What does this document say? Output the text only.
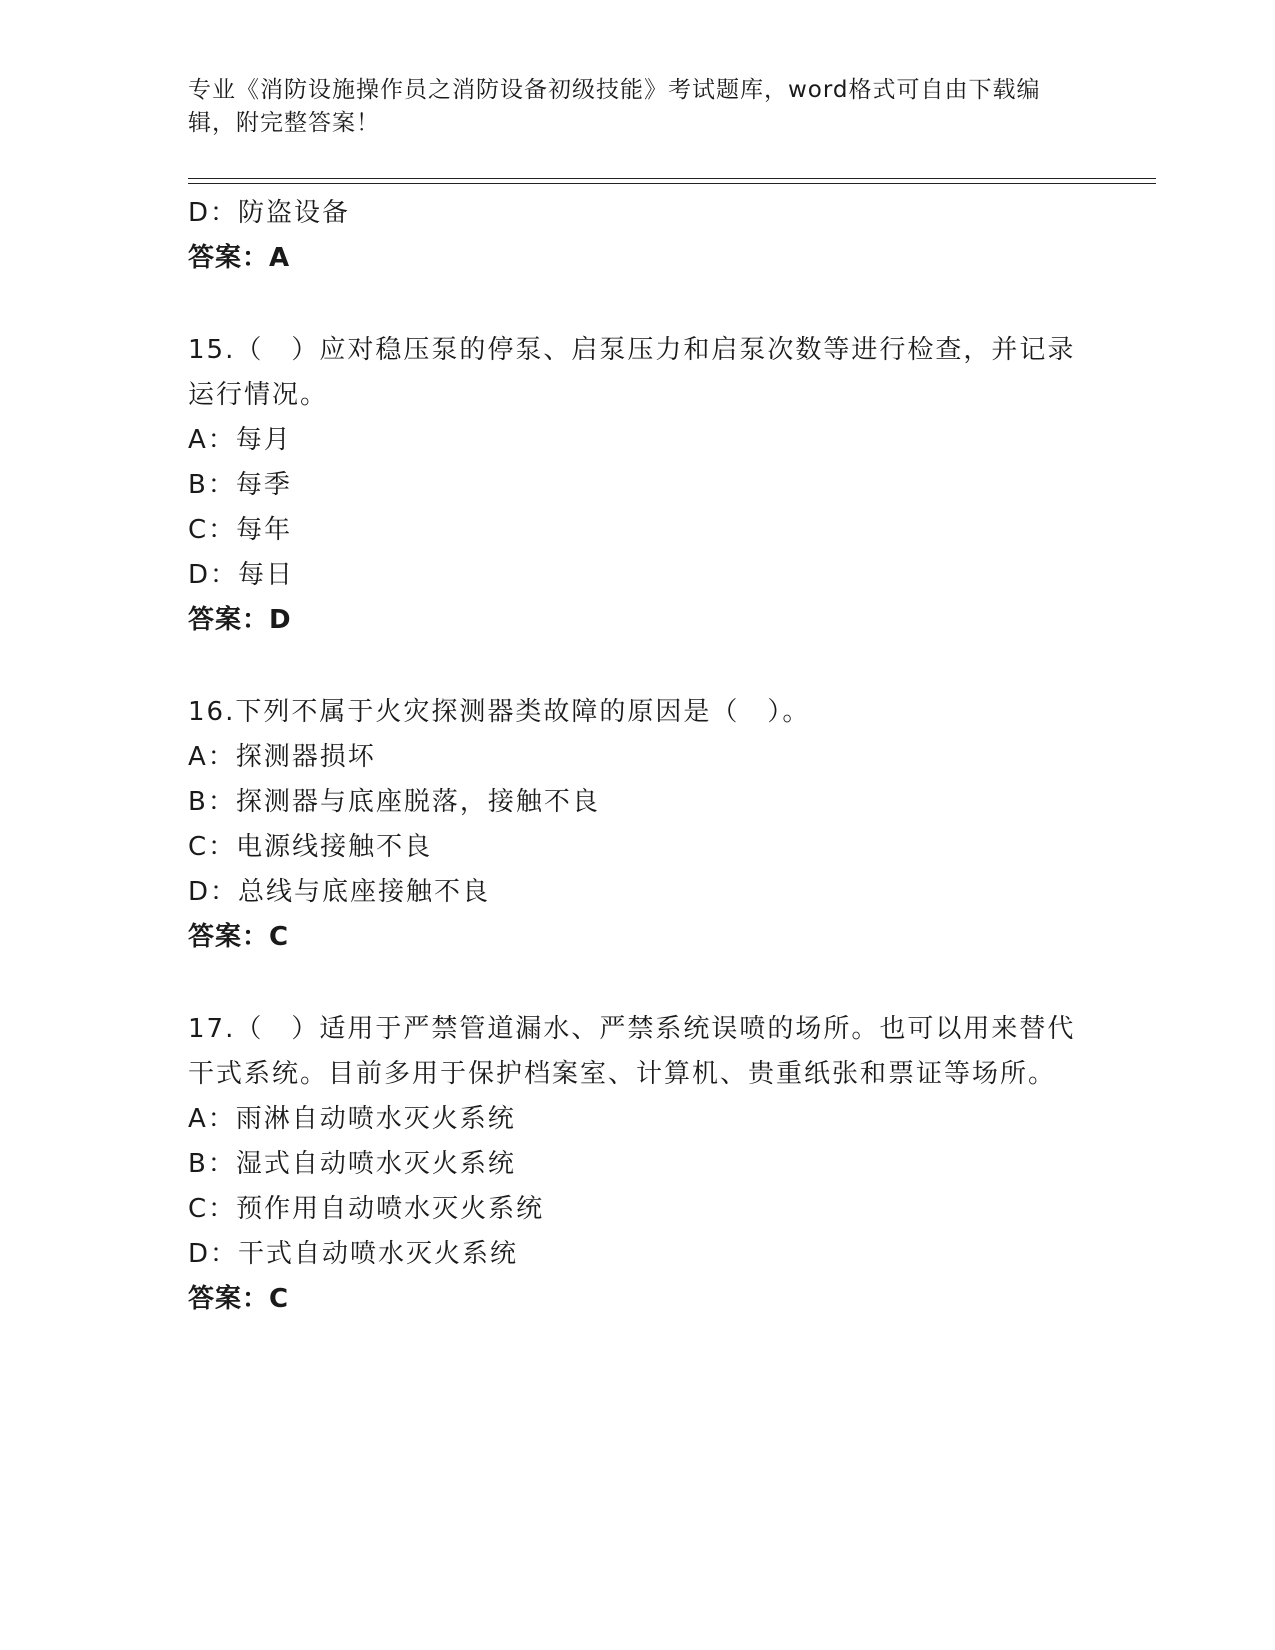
专业《消防设施操作员之消防设备初级技能》考试题库，word格式可自由下载编辑，附完整答案！
D：防盗设备
答案：A
15.（　）应对稳压泵的停泵、启泵压力和启泵次数等进行检查，并记录运行情况。
A：每月
B：每季
C：每年
D：每日
答案：D
16.下列不属于火灾探测器类故障的原因是（　）。
A：探测器损坏
B：探测器与底座脱落，接触不良
C：电源线接触不良
D：总线与底座接触不良
答案：C
17.（　）适用于严禁管道漏水、严禁系统误喷的场所。也可以用来替代干式系统。目前多用于保护档案室、计算机、贵重纸张和票证等场所。
A：雨淋自动喷水灭火系统
B：湿式自动喷水灭火系统
C：预作用自动喷水灭火系统
D：干式自动喷水灭火系统
答案：C
